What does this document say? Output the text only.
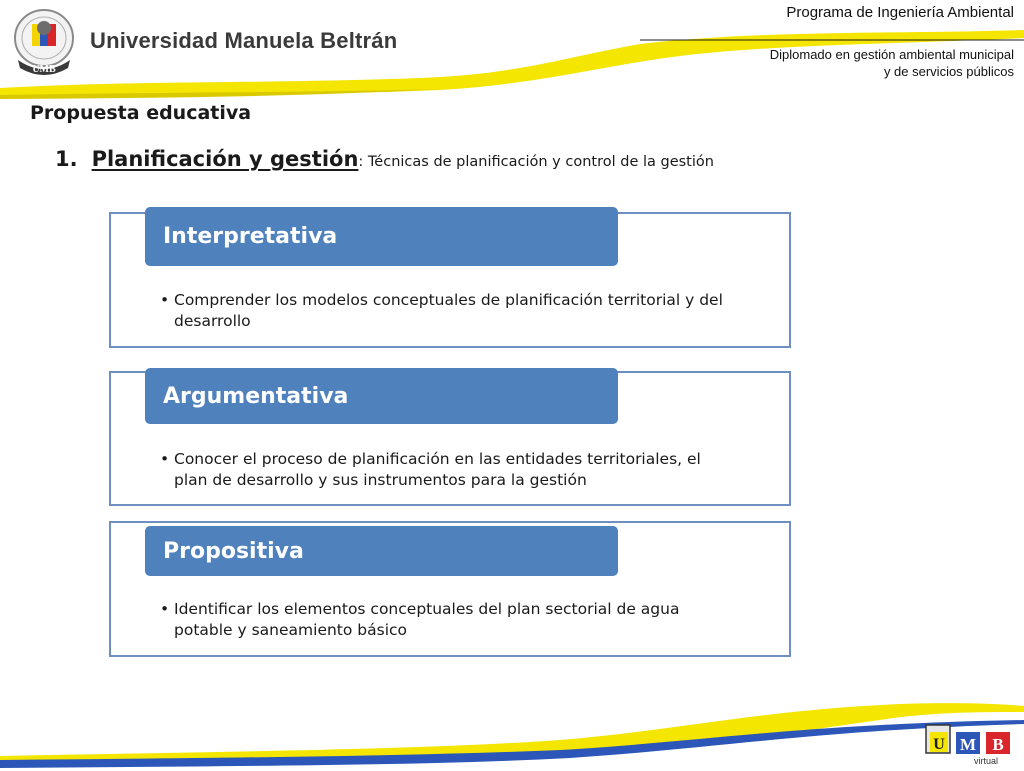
UMB
Universidad Manuela Beltrán
Programa de Ingeniería Ambiental
Diplomado en gestión ambiental municipal
y de servicios públicos
Propuesta educativa
1. Planificación y gestión: Técnicas de planificación y control de la gestión
Interpretativa
• Comprender los modelos conceptuales de planificación territorial y del desarrollo
Argumentativa
• Conocer el proceso de planificación en las entidades territoriales, el plan de desarrollo y sus instrumentos para la gestión
Propositiva
• Identificar los elementos conceptuales del plan sectorial de agua potable y saneamiento básico
U M B
virtual
